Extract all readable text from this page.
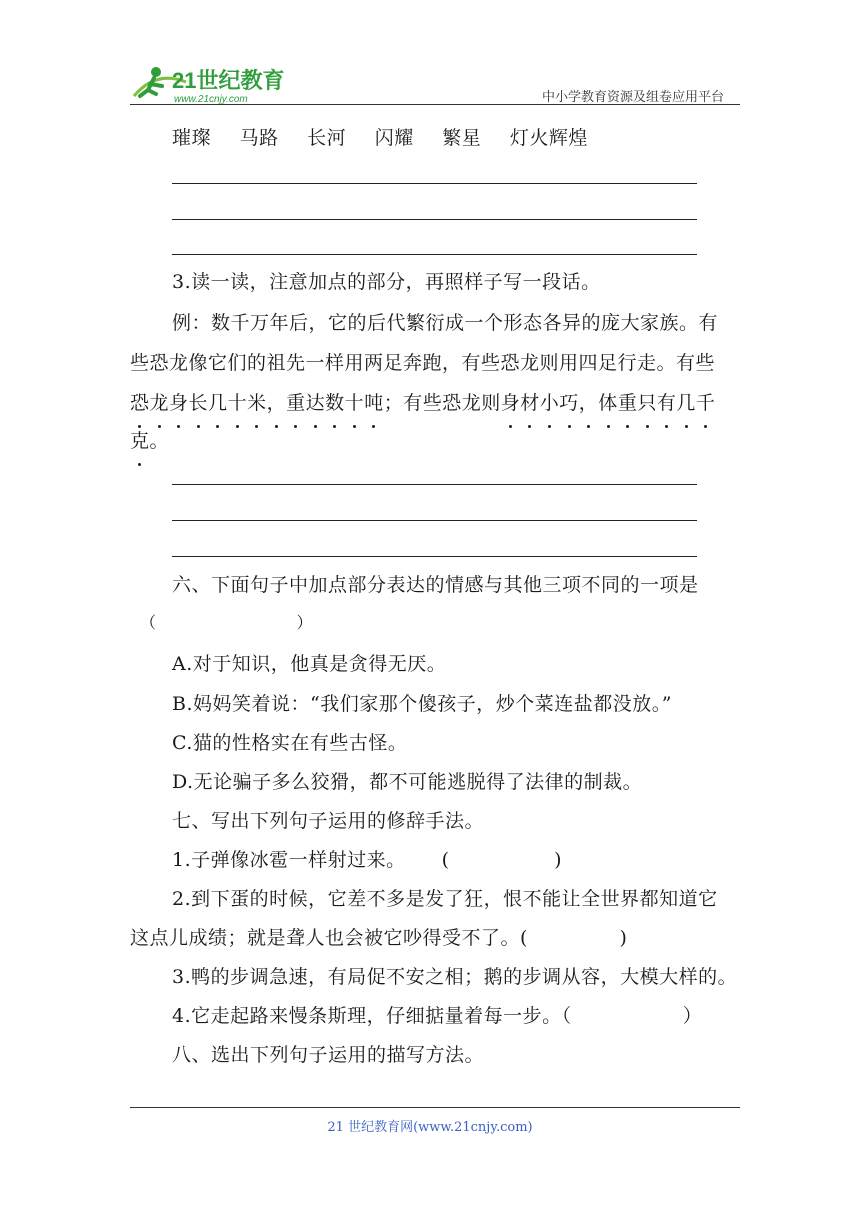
21世纪教育
www.21cnjy.com	中小学教育资源及组卷应用平台
璀璨 马路 长河 闪耀 繁星 灯火辉煌
3.读一读，注意加点的部分，再照样子写一段话。
例：数千万年后，它的后代繁衍成一个形态各异的庞大家族。有
些恐龙像它们的祖先一样用两足奔跑，有些恐龙则用四足行走。有些
恐龙身长几十米，重达数十吨；有些恐龙则身材小巧，体重只有几千
克。
六、下面句子中加点部分表达的情感与其他三项不同的一项是
（	）
A.对于知识，他真是贪得无厌。
B.妈妈笑着说：“我们家那个傻孩子，炒个菜连盐都没放。”
C.猫的性格实在有些古怪。
D.无论骗子多么狡猾，都不可能逃脱得了法律的制裁。
七、写出下列句子运用的修辞手法。
1.子弹像冰雹一样射过来。 (                )
2.到下蛋的时候，它差不多是发了狂，恨不能让全世界都知道它
这点儿成绩；就是聋人也会被它吵得受不了。(              )
3.鸭的步调急速，有局促不安之相；鹅的步调从容，大模大样的。
4.它走起路来慢条斯理，仔细掂量着每一步。（                 ）
八、选出下列句子运用的描写方法。
21 世纪教育网(www.21cnjy.com)
